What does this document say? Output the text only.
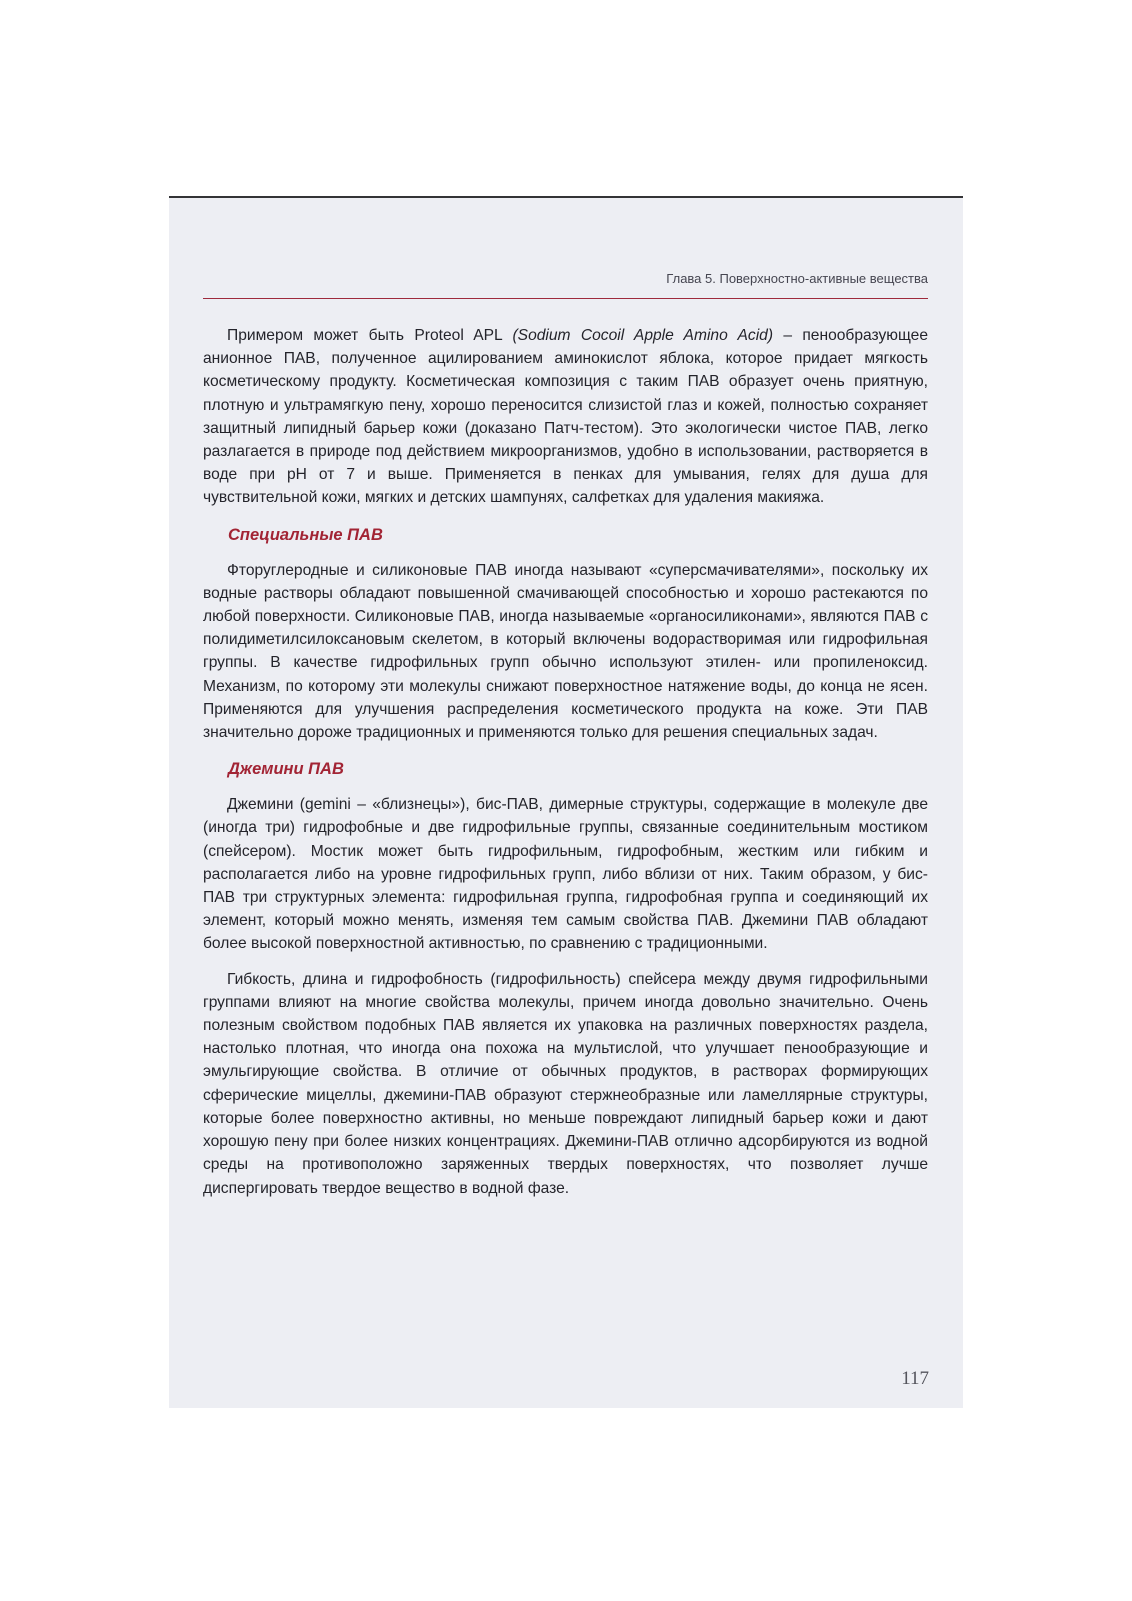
Глава 5. Поверхностно-активные вещества

Примером может быть Proteol APL (Sodium Cocoil Apple Amino Acid) – пенообразующее анионное ПАВ, полученное ацилированием аминокислот яблока, которое придает мягкость косметическому продукту. Косметическая композиция с таким ПАВ образует очень приятную, плотную и ультрамягкую пену, хорошо переносится слизистой глаз и кожей, полностью сохраняет защитный липидный барьер кожи (доказано Патч-тестом). Это экологически чистое ПАВ, легко разлагается в природе под действием микроорганизмов, удобно в использовании, растворяется в воде при pH от 7 и выше. Применяется в пенках для умывания, гелях для душа для чувствительной кожи, мягких и детских шампунях, салфетках для удаления макияжа.

Специальные ПАВ

Фторуглеродные и силиконовые ПАВ иногда называют «суперсмачивателями», поскольку их водные растворы обладают повышенной смачивающей способностью и хорошо растекаются по любой поверхности. Силиконовые ПАВ, иногда называемые «органосиликонами», являются ПАВ с полидиметилсилоксановым скелетом, в который включены водорастворимая или гидрофильная группы. В качестве гидрофильных групп обычно используют этилен- или пропиленоксид. Механизм, по которому эти молекулы снижают поверхностное натяжение воды, до конца не ясен. Применяются для улучшения распределения косметического продукта на коже. Эти ПАВ значительно дороже традиционных и применяются только для решения специальных задач.

Джемини ПАВ

Джемини (gemini – «близнецы»), бис-ПАВ, димерные структуры, содержащие в молекуле две (иногда три) гидрофобные и две гидрофильные группы, связанные соединительным мостиком (спейсером). Мостик может быть гидрофильным, гидрофобным, жестким или гибким и располагается либо на уровне гидрофильных групп, либо вблизи от них. Таким образом, у бис-ПАВ три структурных элемента: гидрофильная группа, гидрофобная группа и соединяющий их элемент, который можно менять, изменяя тем самым свойства ПАВ. Джемини ПАВ обладают более высокой поверхностной активностью, по сравнению с традиционными.

Гибкость, длина и гидрофобность (гидрофильность) спейсера между двумя гидрофильными группами влияют на многие свойства молекулы, причем иногда довольно значительно. Очень полезным свойством подобных ПАВ является их упаковка на различных поверхностях раздела, настолько плотная, что иногда она похожа на мультислой, что улучшает пенообразующие и эмульгирующие свойства. В отличие от обычных продуктов, в растворах формирующих сферические мицеллы, джемини-ПАВ образуют стержнеобразные или ламеллярные структуры, которые более поверхностно активны, но меньше повреждают липидный барьер кожи и дают хорошую пену при более низких концентрациях. Джемини-ПАВ отлично адсорбируются из водной среды на противоположно заряженных твердых поверхностях, что позволяет лучше диспергировать твердое вещество в водной фазе.

117
